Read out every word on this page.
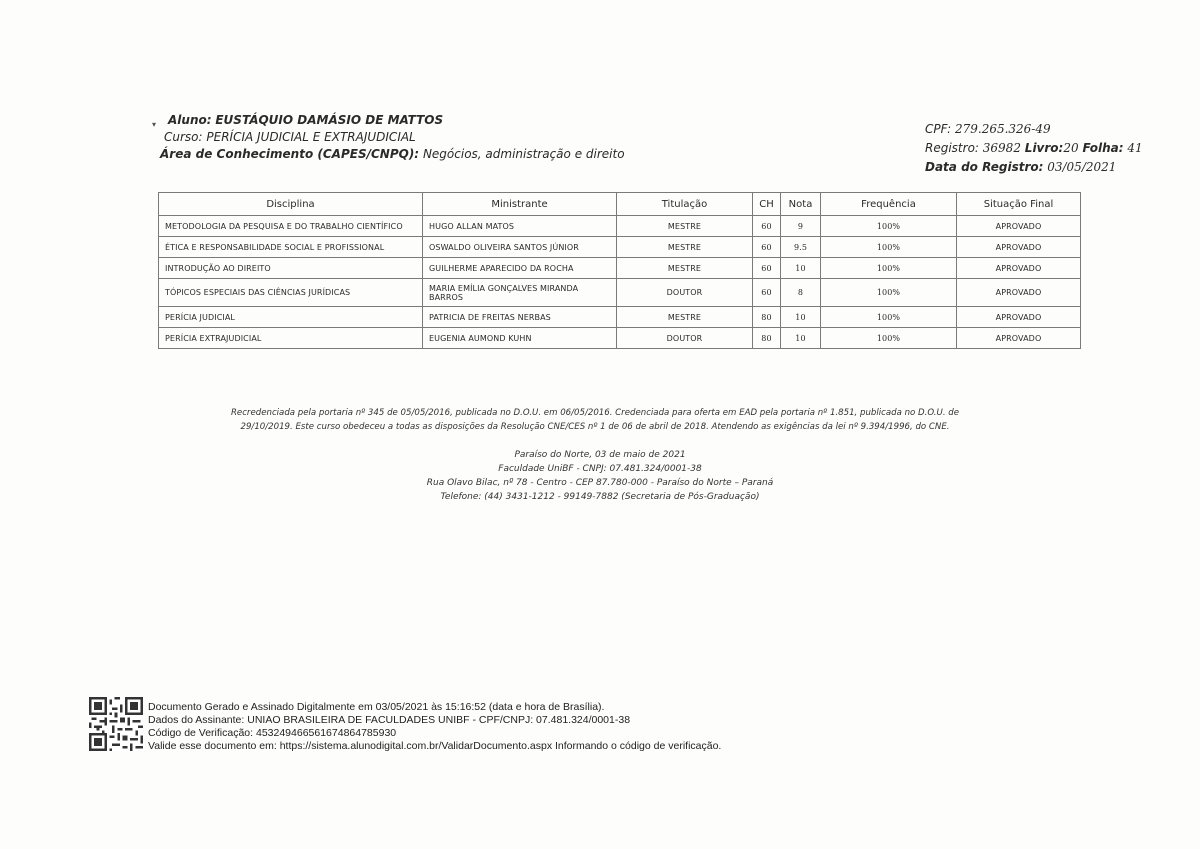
▾ Aluno: EUSTÁQUIO DAMÁSIO DE MATTOS
Curso: PERÍCIA JUDICIAL E EXTRAJUDICIAL
Área de Conhecimento (CAPES/CNPQ): Negócios, administração e direito
CPF: 279.265.326-49
Registro: 36982 Livro:20 Folha: 41
Data do Registro: 03/05/2021
Disciplina	Ministrante	Titulação	CH	Nota	Frequência	Situação Final
METODOLOGIA DA PESQUISA E DO TRABALHO CIENTÍFICO	HUGO ALLAN MATOS	MESTRE	60	9	100%	APROVADO
ÉTICA E RESPONSABILIDADE SOCIAL E PROFISSIONAL	OSWALDO OLIVEIRA SANTOS JÚNIOR	MESTRE	60	9.5	100%	APROVADO
INTRODUÇÃO AO DIREITO	GUILHERME APARECIDO DA ROCHA	MESTRE	60	10	100%	APROVADO
TÓPICOS ESPECIAIS DAS CIÊNCIAS JURÍDICAS	MARIA EMÍLIA GONÇALVES MIRANDA BARROS	DOUTOR	60	8	100%	APROVADO
PERÍCIA JUDICIAL	PATRICIA DE FREITAS NERBAS	MESTRE	80	10	100%	APROVADO
PERÍCIA EXTRAJUDICIAL	EUGENIA AUMOND KUHN	DOUTOR	80	10	100%	APROVADO
Recredenciada pela portaria nº 345 de 05/05/2016, publicada no D.O.U. em 06/05/2016. Credenciada para oferta em EAD pela portaria nº 1.851, publicada no D.O.U. de
29/10/2019. Este curso obedeceu a todas as disposições da Resolução CNE/CES nº 1 de 06 de abril de 2018. Atendendo as exigências da lei nº 9.394/1996, do CNE.
Paraíso do Norte, 03 de maio de 2021
Faculdade UniBF - CNPJ: 07.481.324/0001-38
Rua Olavo Bilac, nº 78 - Centro - CEP 87.780-000 - Paraíso do Norte – Paraná
Telefone: (44) 3431-1212 - 99149-7882 (Secretaria de Pós-Graduação)
Documento Gerado e Assinado Digitalmente em 03/05/2021 às 15:16:52 (data e hora de Brasília).
Dados do Assinante: UNIAO BRASILEIRA DE FACULDADES UNIBF - CPF/CNPJ: 07.481.324/0001-38
Código de Verificação: 453249466561674864785930
Valide esse documento em: https://sistema.alunodigital.com.br/ValidarDocumento.aspx Informando o código de verificação.
